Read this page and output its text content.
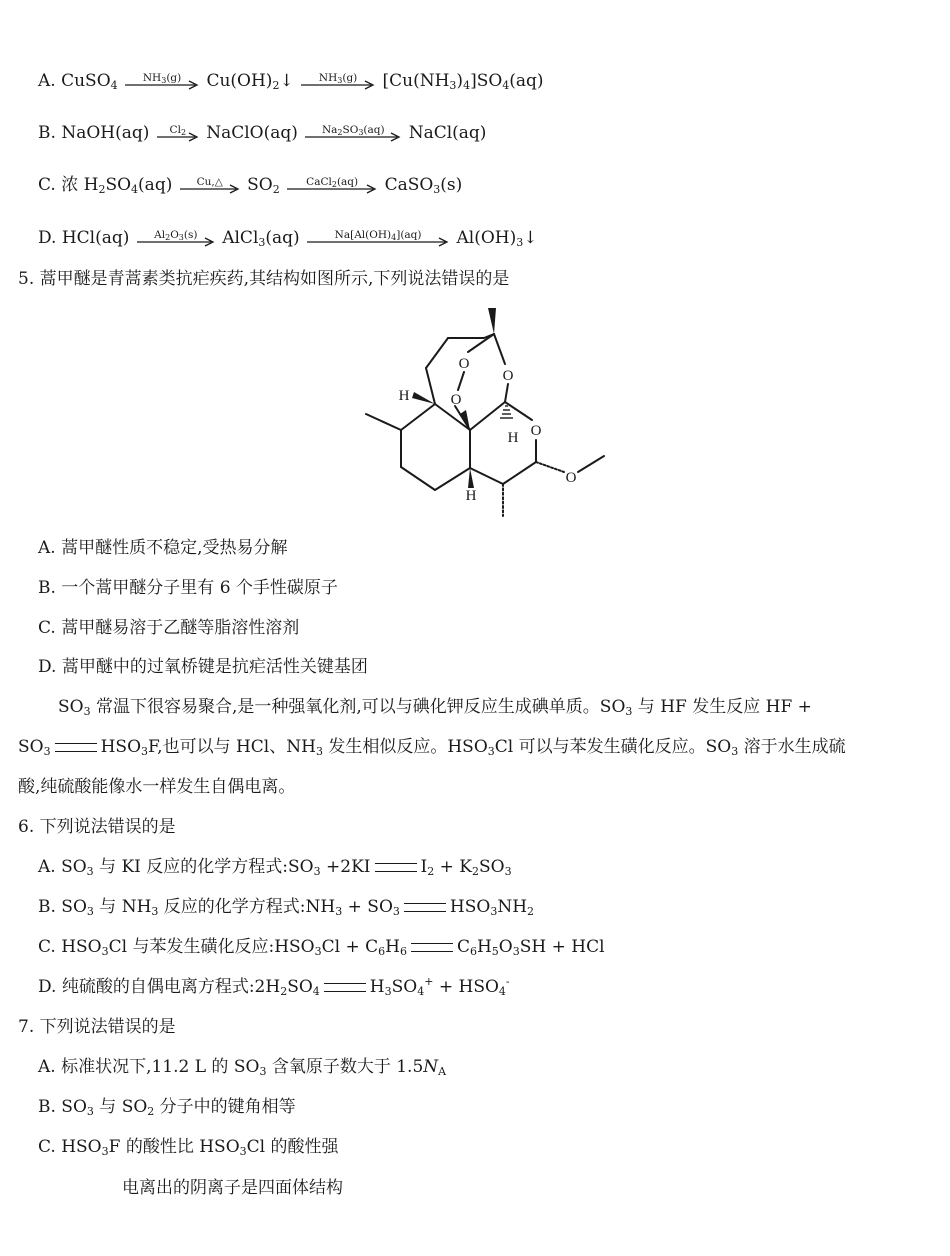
A. CuSO$_4$
$NH_3(g)$	$Cu(OH)_2↓$	$NH_3(g)$	$[Cu(NH_3)_4]SO_4(aq)$
B. NaOH(aq)	$Cl_2$	NaClO(aq)	$Na_2SO_3(aq)$	NaCl(aq)
C. 浓 $H_2SO_4(aq)$	Cu,△	$SO_2$
CaCl$_2$(aq)	CaSO$_3$(s)
D. HCl(aq)	$Al_2O_3(s)$	AlCl$_3$(aq)	$Na[Al(OH)_4](aq)$	$Al(OH)_3↓$
5. 蒿甲醚是青蒿素类抗疟疾药,其结构如图所示,下列说法错误的是
O
O
O
O
O
H
H
H
A. 蒿甲醚性质不稳定,受热易分解
B. 一个蒿甲醚分子里有 6 个手性碳原子
C. 蒿甲醚易溶于乙醚等脂溶性溶剂
D. 蒿甲醚中的过氧桥键是抗疟活性关键基团
$SO_3$ 常温下很容易聚合,是一种强氧化剂,可以与碘化钾反应生成碘单质。$SO_3$ 与 HF 发生反应 HF +
$SO_3$	$HSO_3F$,也可以与 HCl、$NH_3$ 发生相似反应。$HSO_3Cl$ 可以与苯发生磺化反应。$SO_3$ 溶于水生成硫
酸,纯硫酸能像水一样发生自偶电离。
6. 下列说法错误的是
A. $SO_3$ 与 KI 反应的化学方程式$:SO_3 +2KI$	$I_2 + K_2SO_3$
B. $SO_3$ 与 $NH_3$ 反应的化学方程式$:NH_3 + SO_3$	$HSO_3NH_2$
C. $HSO_3Cl$ 与苯发生磺化反应$:HSO_3Cl + C_6H_6$	$C_6H_5O_3SH$ + HCl
D. 纯硫酸的自偶电离方程式$:2H_2SO_4$	$H_3SO_4^+ + HSO_4^-$
7. 下列说法错误的是
A. 标准状况下,11.2 L 的 $SO_3$ 含氧原子数大于 $1.5N_A$
B. $SO_3$ 与 $SO_2$ 分子中的键角相等
C. $HSO_3F$ 的酸性比 $HSO_3Cl$ 的酸性强
电离出的阴离子是四面体结构
